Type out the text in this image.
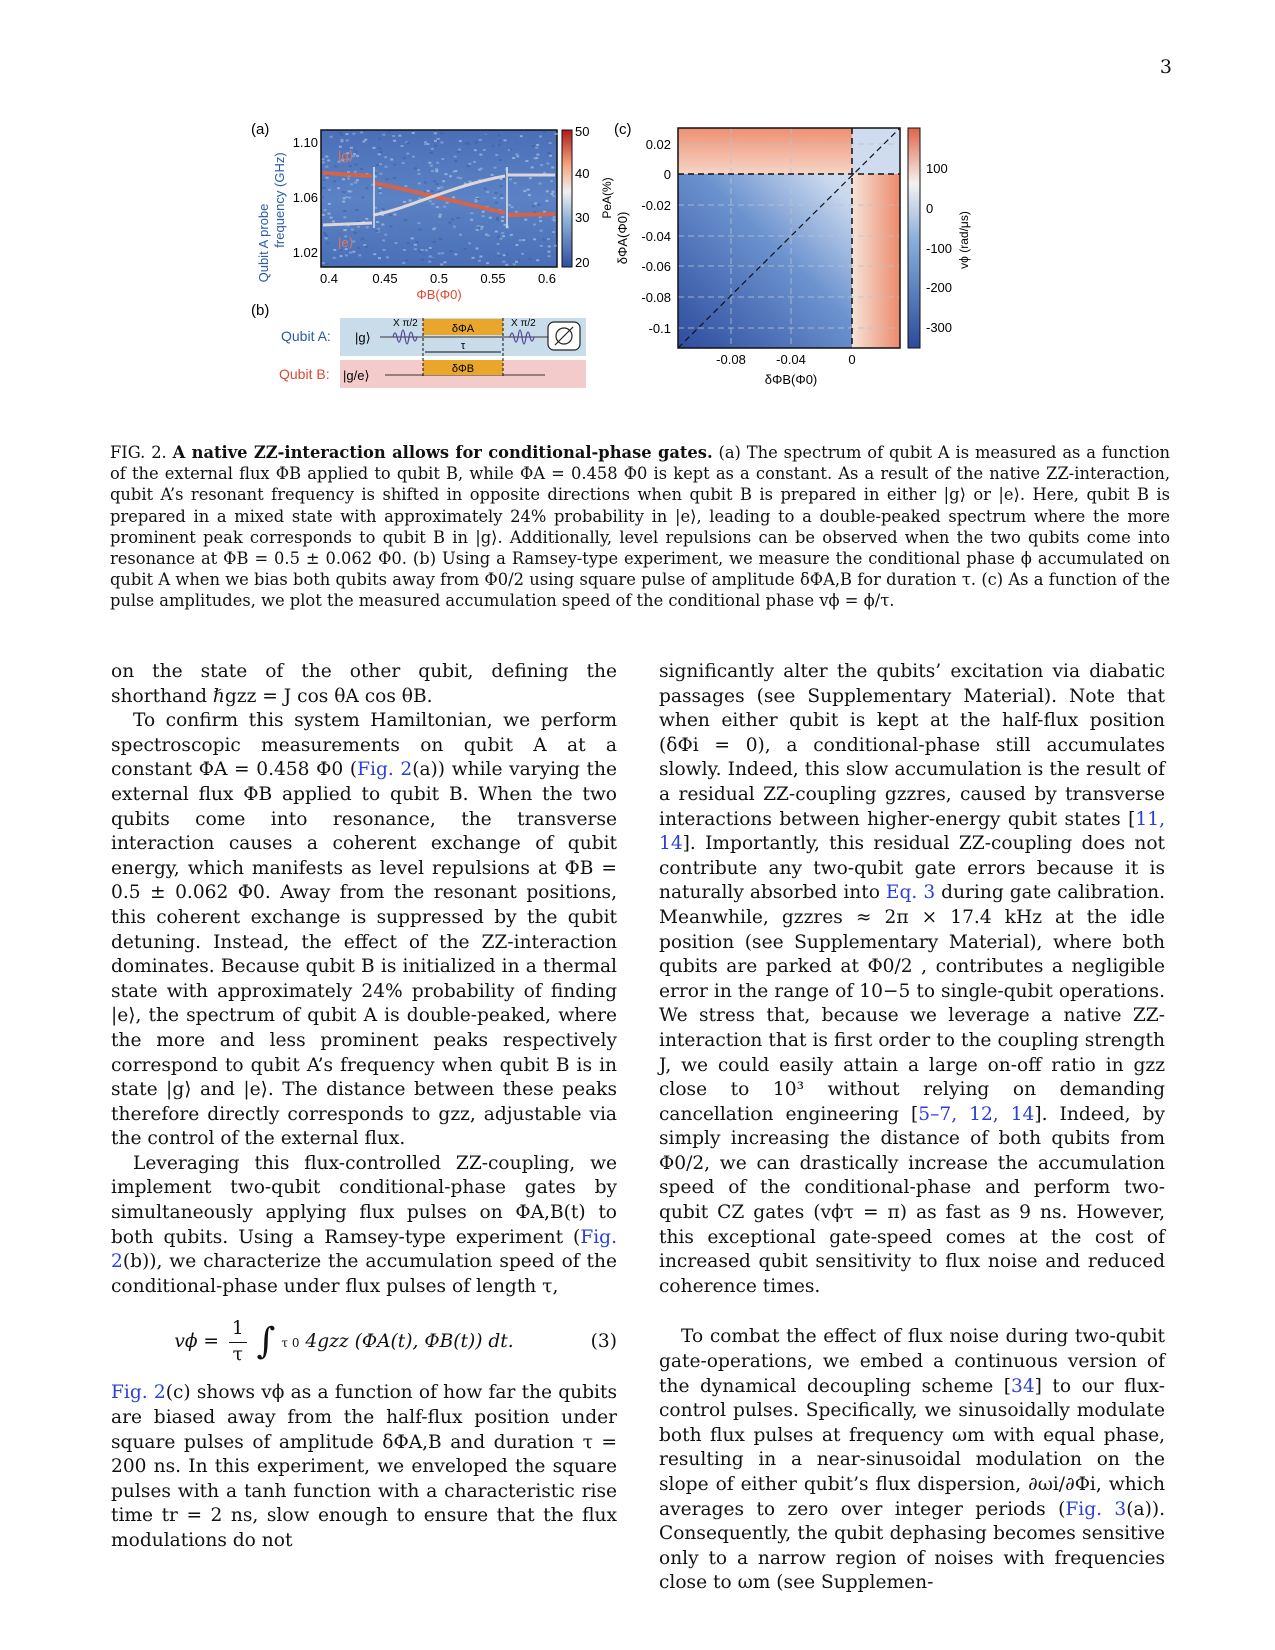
3
(a)
Qubit A probe frequency (GHz)	|g⟩
|e⟩
1.10
1.06
1.02
0.4	0.45 0.5 0.55 0.6
ΦB(Φ0)
50
40
30
20
PeA(%)
(b)
Qubit A:
Qubit B:
|g⟩
|g/e⟩
X π/2	X π/2
δΦA
δΦB
τ
(c)
0.02
0
-0.02
-0.04
-0.06
-0.08
-0.1
δΦA(Φ0)
-0.08 -0.04	0
δΦB(Φ0)
100
0
-100
-200
-300
vϕ (rad/μs)
FIG. 2. A native ZZ-interaction allows for conditional-phase gates. (a) The spectrum of qubit A is measured as a function of the external flux ΦB applied to qubit B, while ΦA = 0.458 Φ0 is kept as a constant. As a result of the native ZZ-interaction, qubit A’s resonant frequency is shifted in opposite directions when qubit B is prepared in either |g⟩ or |e⟩. Here, qubit B is prepared in a mixed state with approximately 24% probability in |e⟩, leading to a double-peaked spectrum where the more prominent peak corresponds to qubit B in |g⟩. Additionally, level repulsions can be observed when the two qubits come into resonance at ΦB = 0.5 ± 0.062 Φ0. (b) Using a Ramsey-type experiment, we measure the conditional phase ϕ accumulated on qubit A when we bias both qubits away from Φ0/2 using square pulse of amplitude δΦA,B for duration τ. (c) As a function of the pulse amplitudes, we plot the measured accumulation speed of the conditional phase vϕ = ϕ/τ.

on the state of the other qubit, defining the shorthand ℏgzz = J cos θA cos θB.

To confirm this system Hamiltonian, we perform spectroscopic measurements on qubit A at a constant ΦA = 0.458 Φ0 (Fig. 2(a)) while varying the external flux ΦB applied to qubit B. When the two qubits come into resonance, the transverse interaction causes a coherent exchange of qubit energy, which manifests as level repulsions at ΦB = 0.5 ± 0.062 Φ0. Away from the resonant positions, this coherent exchange is suppressed by the qubit detuning. Instead, the effect of the ZZ-interaction dominates. Because qubit B is initialized in a thermal state with approximately 24% probability of finding |e⟩, the spectrum of qubit A is double-peaked, where the more and less prominent peaks respectively correspond to qubit A’s frequency when qubit B is in state |g⟩ and |e⟩. The distance between these peaks therefore directly corresponds to gzz, adjustable via the control of the external flux.

Leveraging this flux-controlled ZZ-coupling, we implement two-qubit conditional-phase gates by simultaneously applying flux pulses on ΦA,B(t) to both qubits. Using a Ramsey-type experiment (Fig. 2(b)), we characterize the accumulation speed of the conditional-phase under flux pulses of length τ,

$v\phi = \frac{1}{\tau}$ ∫ τ 0 4gzz (ΦA(t), ΦB(t)) dt.	(3)

Fig. 2(c) shows vϕ as a function of how far the qubits are biased away from the half-flux position under square pulses of amplitude δΦA,B and duration τ = 200 ns. In this experiment, we enveloped the square pulses with a tanh function with a characteristic rise time tr = 2 ns, slow enough to ensure that the flux modulations do not

significantly alter the qubits’ excitation via diabatic passages (see Supplementary Material). Note that when either qubit is kept at the half-flux position (δΦi = 0), a conditional-phase still accumulates slowly. Indeed, this slow accumulation is the result of a residual ZZ-coupling gzzres, caused by transverse interactions between higher-energy qubit states [11, 14]. Importantly, this residual ZZ-coupling does not contribute any two-qubit gate errors because it is naturally absorbed into Eq. 3 during gate calibration. Meanwhile, gzzres ≈ 2π × 17.4 kHz at the idle position (see Supplementary Material), where both qubits are parked at Φ0/2 , contributes a negligible error in the range of 10−5 to single-qubit operations. We stress that, because we leverage a native ZZ-interaction that is first order to the coupling strength J, we could easily attain a large on-off ratio in gzz close to 10³ without relying on demanding cancellation engineering [5–7, 12, 14]. Indeed, by simply increasing the distance of both qubits from Φ0/2, we can drastically increase the accumulation speed of the conditional-phase and perform two-qubit CZ gates (vϕτ = π) as fast as 9 ns. However, this exceptional gate-speed comes at the cost of increased qubit sensitivity to flux noise and reduced coherence times.

To combat the effect of flux noise during two-qubit gate-operations, we embed a continuous version of the dynamical decoupling scheme [34] to our flux-control pulses. Specifically, we sinusoidally modulate both flux pulses at frequency ωm with equal phase, resulting in a near-sinusoidal modulation on the slope of either qubit’s flux dispersion, ∂ωi/∂Φi, which averages to zero over integer periods (Fig. 3(a)). Consequently, the qubit dephasing becomes sensitive only to a narrow region of noises with frequencies close to ωm (see Supplemen-
